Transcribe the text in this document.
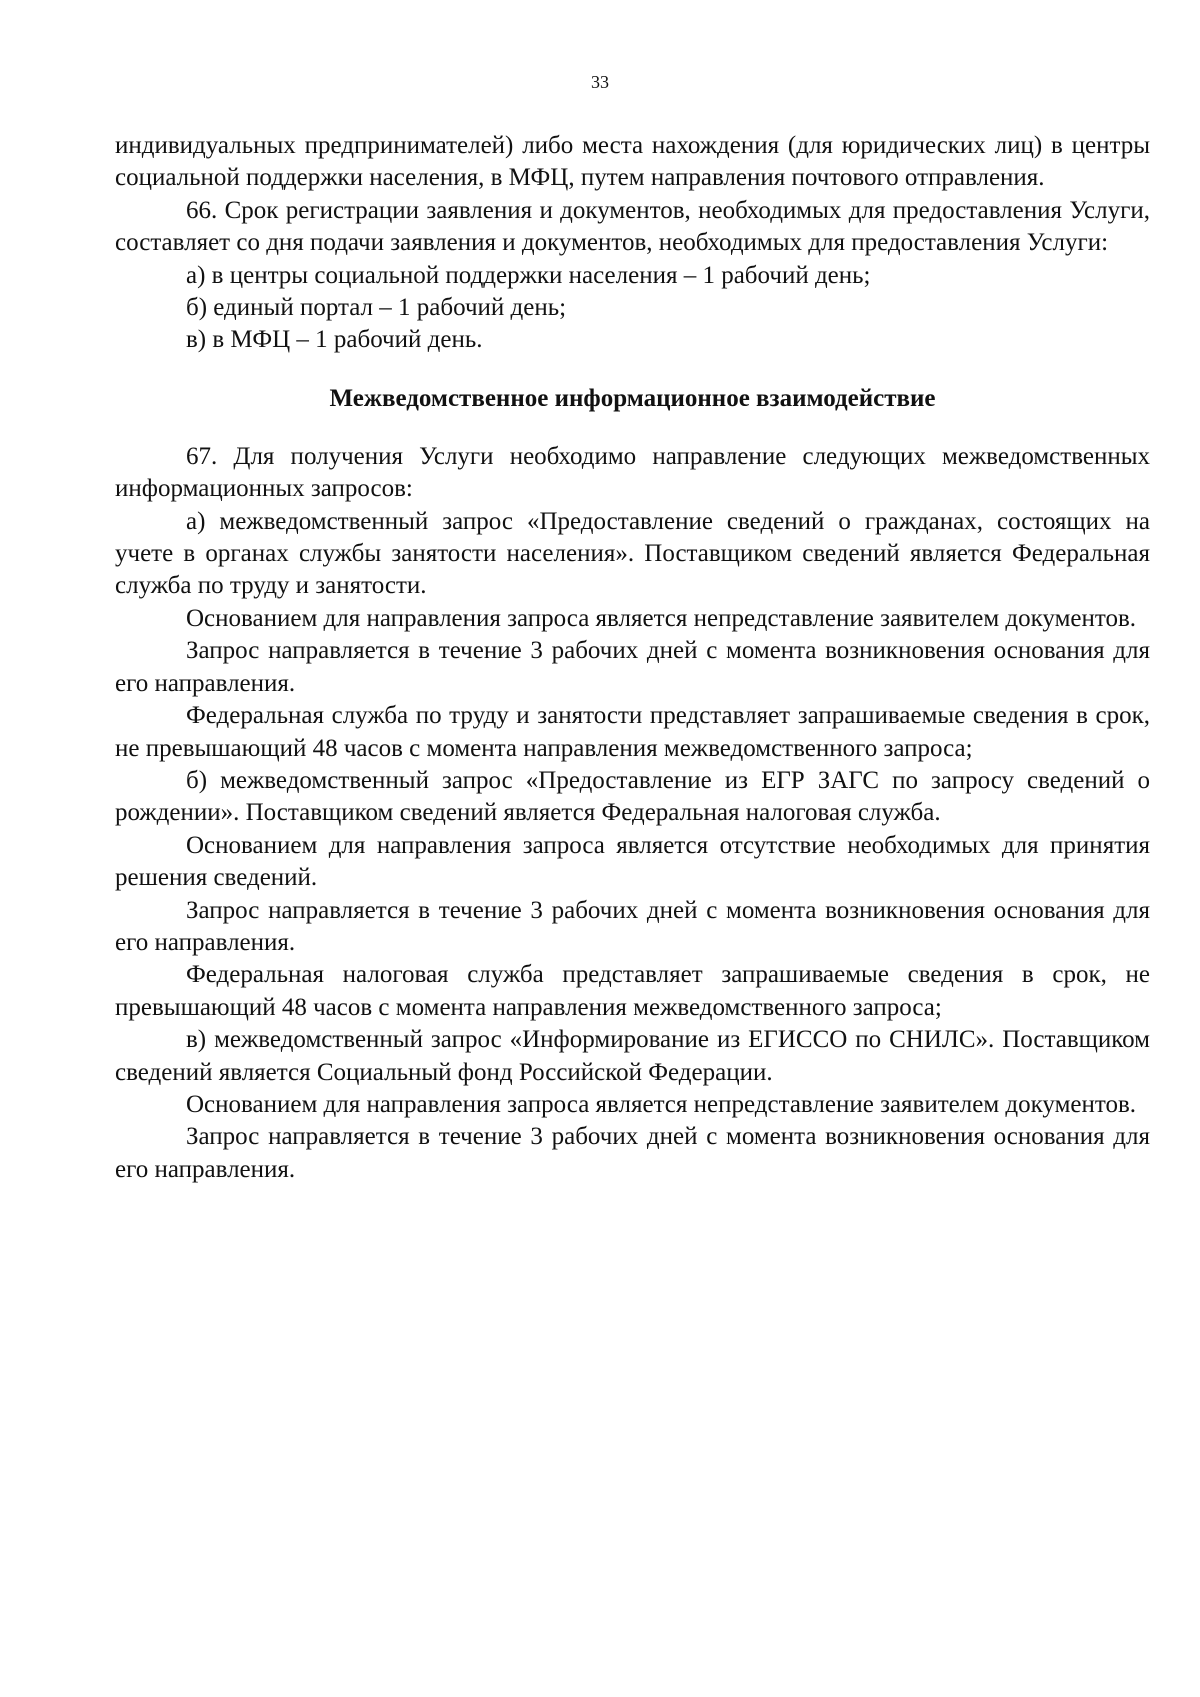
33

индивидуальных предпринимателей) либо места нахождения (для юридических лиц) в центры социальной поддержки населения, в МФЦ, путем направления почтового отправления.

66. Срок регистрации заявления и документов, необходимых для предоставления Услуги, составляет со дня подачи заявления и документов, необходимых для предоставления Услуги:

а) в центры социальной поддержки населения – 1 рабочий день;

б) единый портал – 1 рабочий день;

в) в МФЦ – 1 рабочий день.

Межведомственное информационное взаимодействие

67. Для получения Услуги необходимо направление следующих межведомственных информационных запросов:

а) межведомственный запрос «Предоставление сведений о гражданах, состоящих на учете в органах службы занятости населения». Поставщиком сведений является Федеральная служба по труду и занятости.

Основанием для направления запроса является непредставление заявителем документов.

Запрос направляется в течение 3 рабочих дней с момента возникновения основания для его направления.

Федеральная служба по труду и занятости представляет запрашиваемые сведения в срок, не превышающий 48 часов с момента направления межведомственного запроса;

б) межведомственный запрос «Предоставление из ЕГР ЗАГС по запросу сведений о рождении». Поставщиком сведений является Федеральная налоговая служба.

Основанием для направления запроса является отсутствие необходимых для принятия решения сведений.

Запрос направляется в течение 3 рабочих дней с момента возникновения основания для его направления.

Федеральная налоговая служба представляет запрашиваемые сведения в срок, не превышающий 48 часов с момента направления межведомственного запроса;

в) межведомственный запрос «Информирование из ЕГИССО по СНИЛС». Поставщиком сведений является Социальный фонд Российской Федерации.

Основанием для направления запроса является непредставление заявителем документов.

Запрос направляется в течение 3 рабочих дней с момента возникновения основания для его направления.
